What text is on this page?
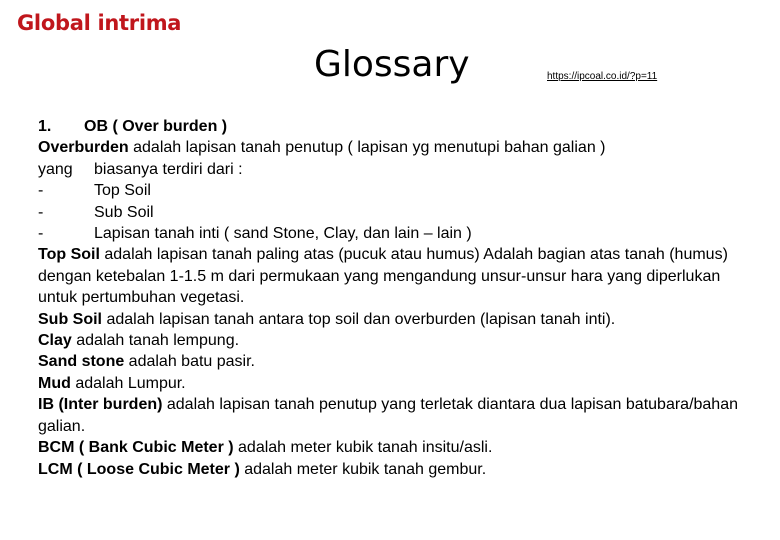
Global intrima
Glossary	https://ipcoal.co.id/?p=11
1. OB ( Over burden )
Overburden adalah lapisan tanah penutup ( lapisan yg menutupi bahan galian )
yang biasanya terdiri dari :
-	Top Soil
-	Sub Soil
-	Lapisan tanah inti ( sand Stone, Clay, dan lain – lain )
Top Soil adalah lapisan tanah paling atas (pucuk atau humus) Adalah bagian atas tanah (humus) dengan ketebalan 1-1.5 m dari permukaan yang mengandung unsur-unsur hara yang diperlukan untuk pertumbuhan vegetasi.
Sub Soil adalah lapisan tanah antara top soil dan overburden (lapisan tanah inti).
Clay adalah tanah lempung.
Sand stone adalah batu pasir.
Mud adalah Lumpur.
IB (Inter burden) adalah lapisan tanah penutup yang terletak diantara dua lapisan batubara/bahan galian.
BCM ( Bank Cubic Meter ) adalah meter kubik tanah insitu/asli.
LCM ( Loose Cubic Meter ) adalah meter kubik tanah gembur.
